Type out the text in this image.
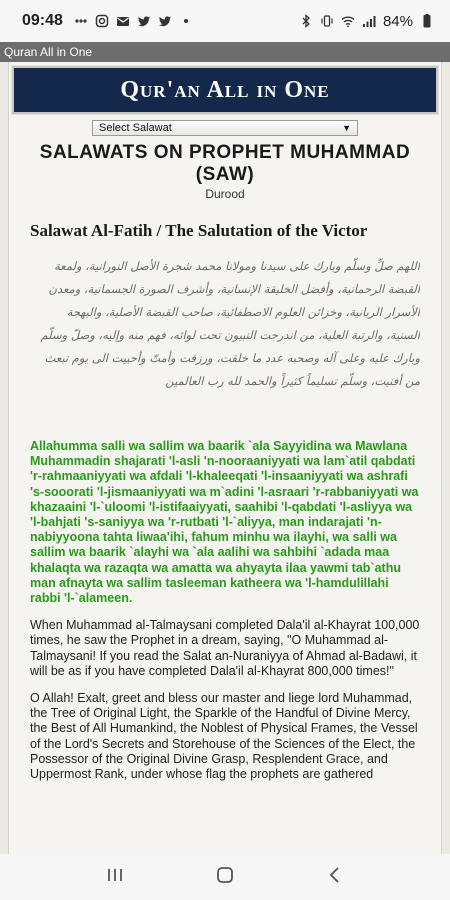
09:48	84%
Quran All in One
Qur'an All in One
Select Salawat	▼
SALAWATS ON PROPHET MUHAMMAD (SAW)
Durood
Salawat Al-Fatih / The Salutation of the Victor
اللهم صلِّ وسلّم وبارك على سيدنا ومولانا محمد شجرة الأصل النورانية، ولمعة القبضة الرحمانية، وأفضل الخليقة الإنسانية، وأشرف الصورة الجسمانية، ومعدن الأسرار الربانية، وخزائن العلوم الاصطفائية، صاحب القبضة الأصلية، والبهجة السنية، والرتبة العلية، من اندرجت النبيون تحت لوائه، فهم منه وإليه، وصلّ وسلّم وبارك عليه وعلى آله وصحبه عدد ما خلقت، ورزقت وأمتّ وأحييت الى يوم تبعث من أفنيت، وسلّم تسليماً كثيراً والحمد لله رب العالمين
Allahumma salli wa sallim wa baarik `ala Sayyidina wa Mawlana Muhammadin shajarati 'l-asli 'n-nooraaniyyati wa lam`atil qabdati 'r-rahmaaniyyati wa afdali 'l-khaleeqati 'l-insaaniyyati wa ashrafi 's-sooorati 'l-jismaaniyyati wa m`adini 'l-asraari 'r-rabbaniyyati wa khazaaini 'l-`uloomi 'l-istifaaiyyati, saahibi 'l-qabdati 'l-asliyya wa 'l-bahjati 's-saniyya wa 'r-rutbati 'l-`aliyya, man indarajati 'n-nabiyyoona tahta liwaa'ihi, fahum minhu wa ilayhi, wa salli wa sallim wa baarik `alayhi wa `ala aalihi wa sahbihi `adada maa khalaqta wa razaqta wa amatta wa ahyayta ilaa yawmi tab`athu man afnayta wa sallim tasleeman katheera wa 'l-hamdulillahi rabbi 'l-`alameen.
When Muhammad al-Talmaysani completed Dala'il al-Khayrat 100,000 times, he saw the Prophet in a dream, saying, "O Muhammad al-Talmaysani! If you read the Salat an-Nuraniyya of Ahmad al-Badawi, it will be as if you have completed Dala'il al-Khayrat 800,000 times!"
O Allah! Exalt, greet and bless our master and liege lord Muhammad, the Tree of Original Light, the Sparkle of the Handful of Divine Mercy, the Best of All Humankind, the Noblest of Physical Frames, the Vessel of the Lord's Secrets and Storehouse of the Sciences of the Elect, the Possessor of the Original Divine Grasp, Resplendent Grace, and Uppermost Rank, under whose flag the prophets are gathered
